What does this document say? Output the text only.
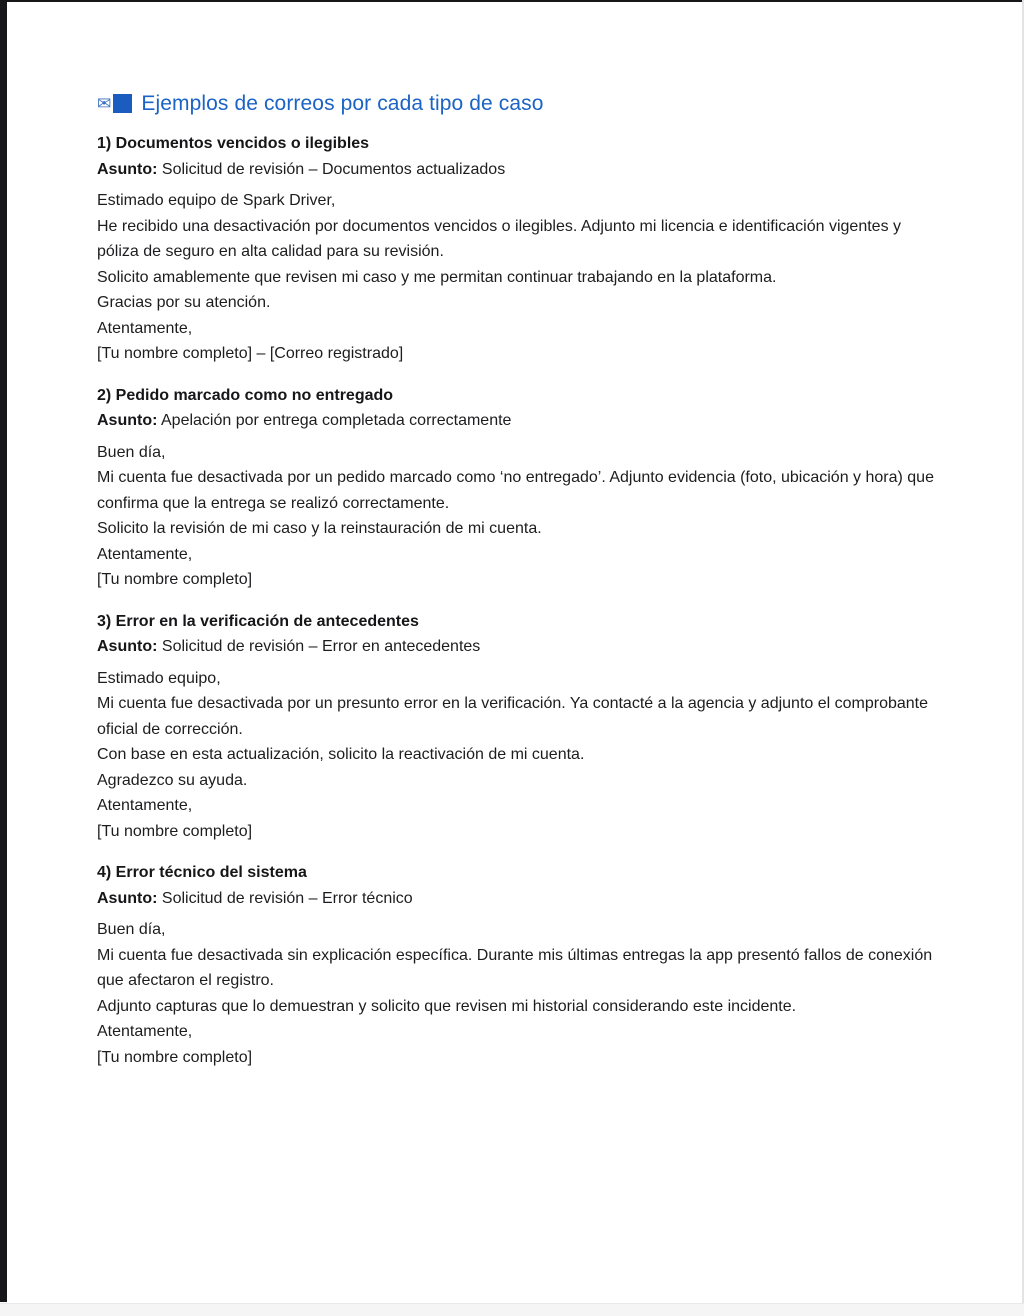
✉ Ejemplos de correos por cada tipo de caso

1) Documentos vencidos o ilegibles

Asunto: Solicitud de revisión – Documentos actualizados

Estimado equipo de Spark Driver,

He recibido una desactivación por documentos vencidos o ilegibles. Adjunto mi licencia e identificación vigentes y póliza de seguro en alta calidad para su revisión.

Solicito amablemente que revisen mi caso y me permitan continuar trabajando en la plataforma.

Gracias por su atención.

Atentamente,

[Tu nombre completo] – [Correo registrado]

2) Pedido marcado como no entregado

Asunto: Apelación por entrega completada correctamente

Buen día,

Mi cuenta fue desactivada por un pedido marcado como ‘no entregado’. Adjunto evidencia (foto, ubicación y hora) que confirma que la entrega se realizó correctamente.

Solicito la revisión de mi caso y la reinstauración de mi cuenta.

Atentamente,

[Tu nombre completo]

3) Error en la verificación de antecedentes

Asunto: Solicitud de revisión – Error en antecedentes

Estimado equipo,

Mi cuenta fue desactivada por un presunto error en la verificación. Ya contacté a la agencia y adjunto el comprobante oficial de corrección.

Con base en esta actualización, solicito la reactivación de mi cuenta.

Agradezco su ayuda.

Atentamente,

[Tu nombre completo]

4) Error técnico del sistema

Asunto: Solicitud de revisión – Error técnico

Buen día,

Mi cuenta fue desactivada sin explicación específica. Durante mis últimas entregas la app presentó fallos de conexión que afectaron el registro.

Adjunto capturas que lo demuestran y solicito que revisen mi historial considerando este incidente.

Atentamente,

[Tu nombre completo]
